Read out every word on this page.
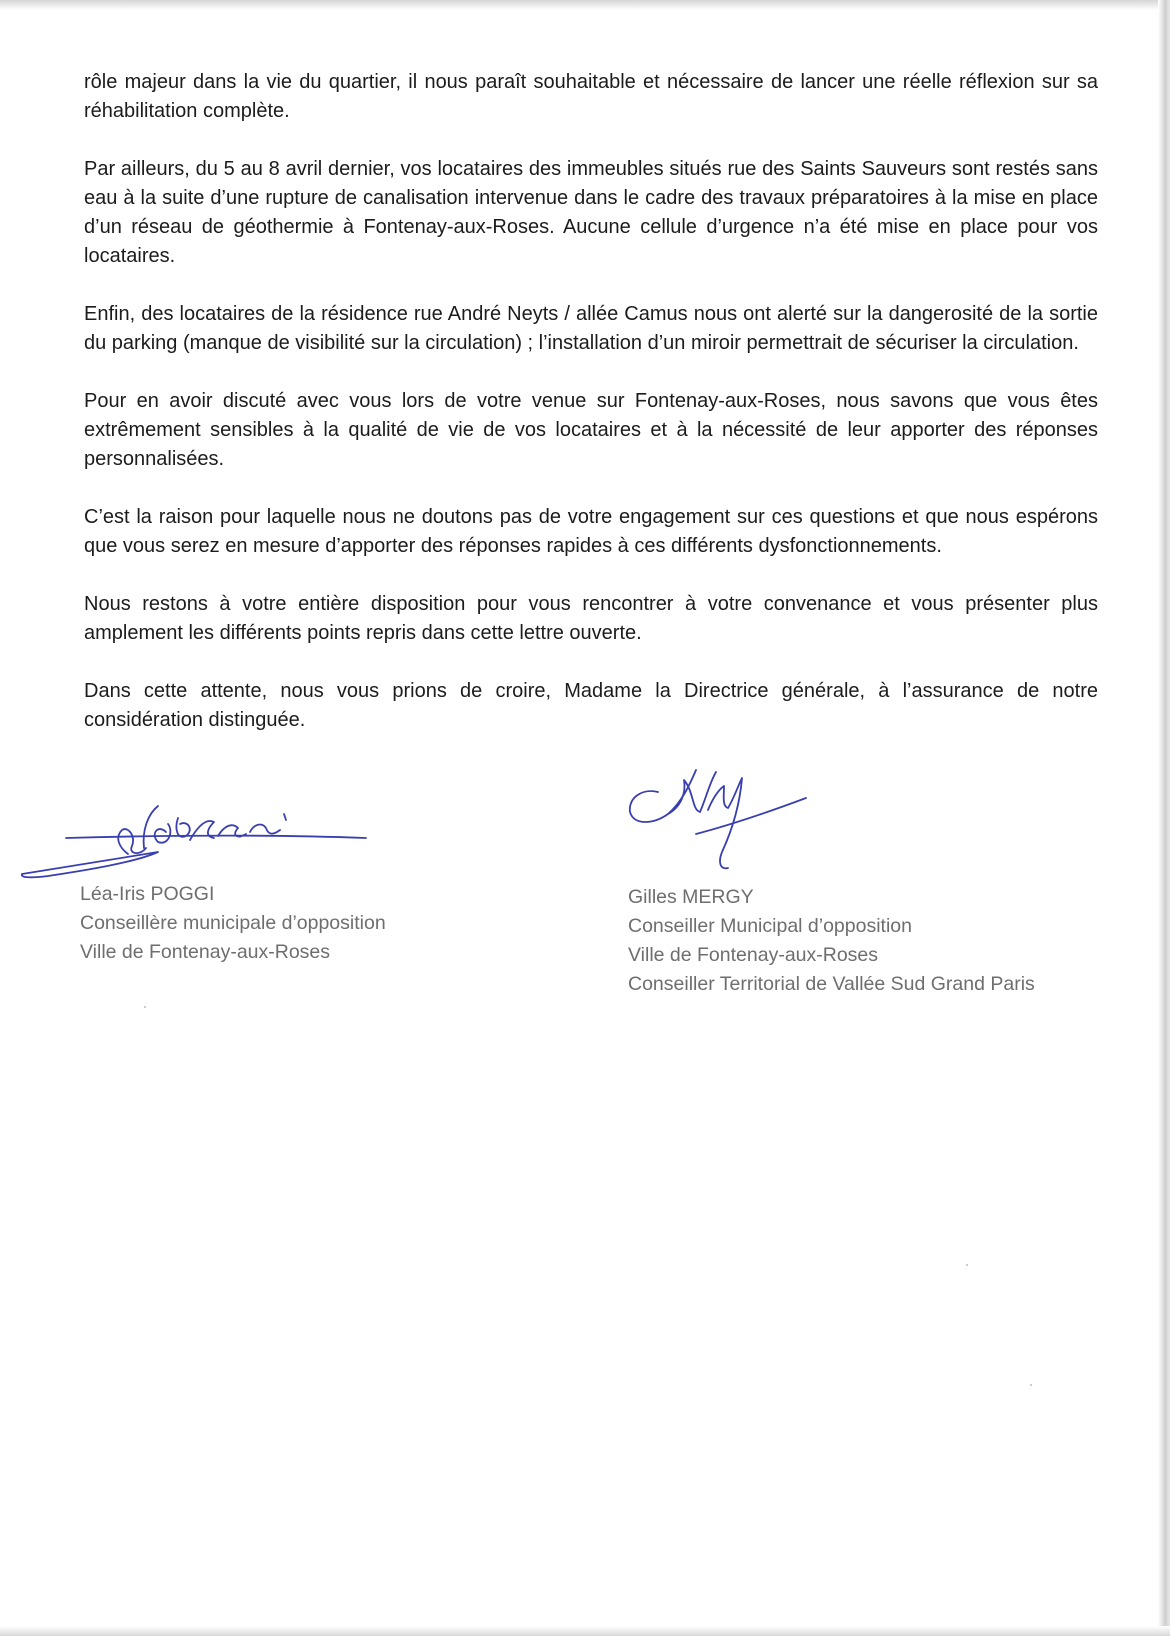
rôle majeur dans la vie du quartier, il nous paraît souhaitable et nécessaire de lancer une réelle réflexion sur sa réhabilitation complète.

Par ailleurs, du 5 au 8 avril dernier, vos locataires des immeubles situés rue des Saints Sauveurs sont restés sans eau à la suite d’une rupture de canalisation intervenue dans le cadre des travaux préparatoires à la mise en place d’un réseau de géothermie à Fontenay-aux-Roses. Aucune cellule d’urgence n’a été mise en place pour vos locataires.

Enfin, des locataires de la résidence rue André Neyts / allée Camus nous ont alerté sur la dangerosité de la sortie du parking (manque de visibilité sur la circulation) ; l’installation d’un miroir permettrait de sécuriser la circulation.

Pour en avoir discuté avec vous lors de votre venue sur Fontenay-aux-Roses, nous savons que vous êtes extrêmement sensibles à la qualité de vie de vos locataires et à la nécessité de leur apporter des réponses personnalisées.

C’est la raison pour laquelle nous ne doutons pas de votre engagement sur ces questions et que nous espérons que vous serez en mesure d’apporter des réponses rapides à ces différents dysfonctionnements.

Nous restons à votre entière disposition pour vous rencontrer à votre convenance et vous présenter plus amplement les différents points repris dans cette lettre ouverte.

Dans cette attente, nous vous prions de croire, Madame la Directrice générale, à l’assurance de notre considération distinguée.

Léa-Iris POGGI
Conseillère municipale d’opposition
Ville de Fontenay-aux-Roses
Gilles MERGY
Conseiller Municipal d’opposition
Ville de Fontenay-aux-Roses
Conseiller Territorial de Vallée Sud Grand Paris
